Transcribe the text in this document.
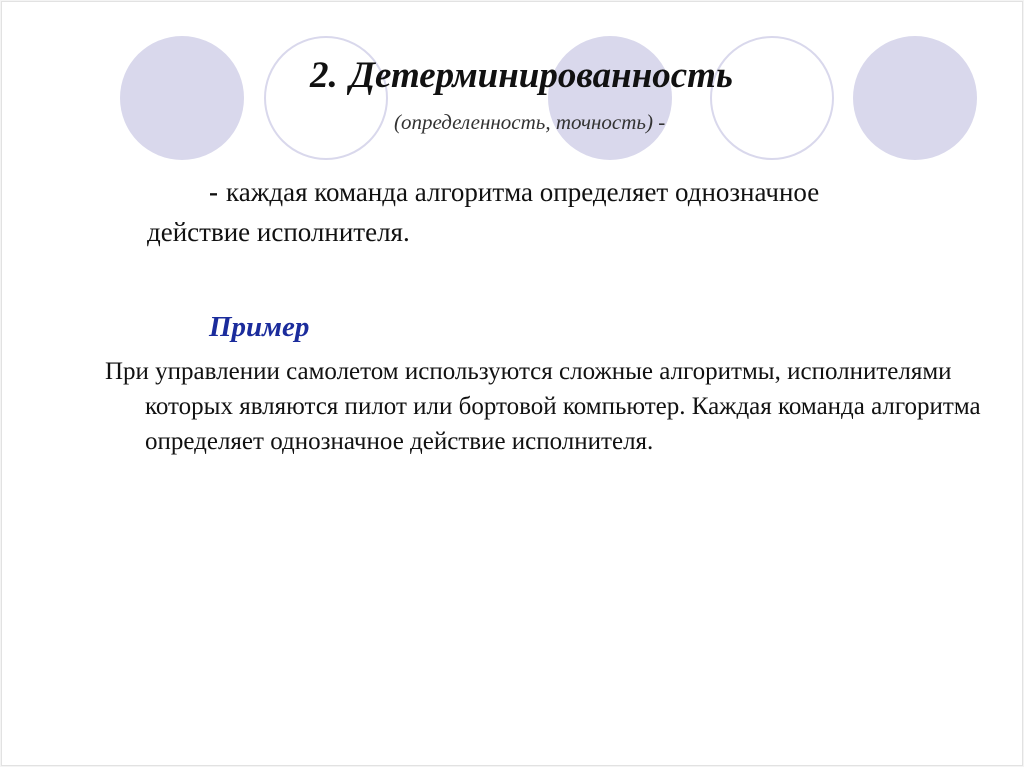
2. Детерминированность

(определенность, точность) -

- каждая команда алгоритма определяет однозначное действие исполнителя.

Пример

При управлении самолетом используются сложные алгоритмы, исполнителями которых являются пилот или бортовой компьютер. Каждая команда алгоритма определяет однозначное действие исполнителя.
